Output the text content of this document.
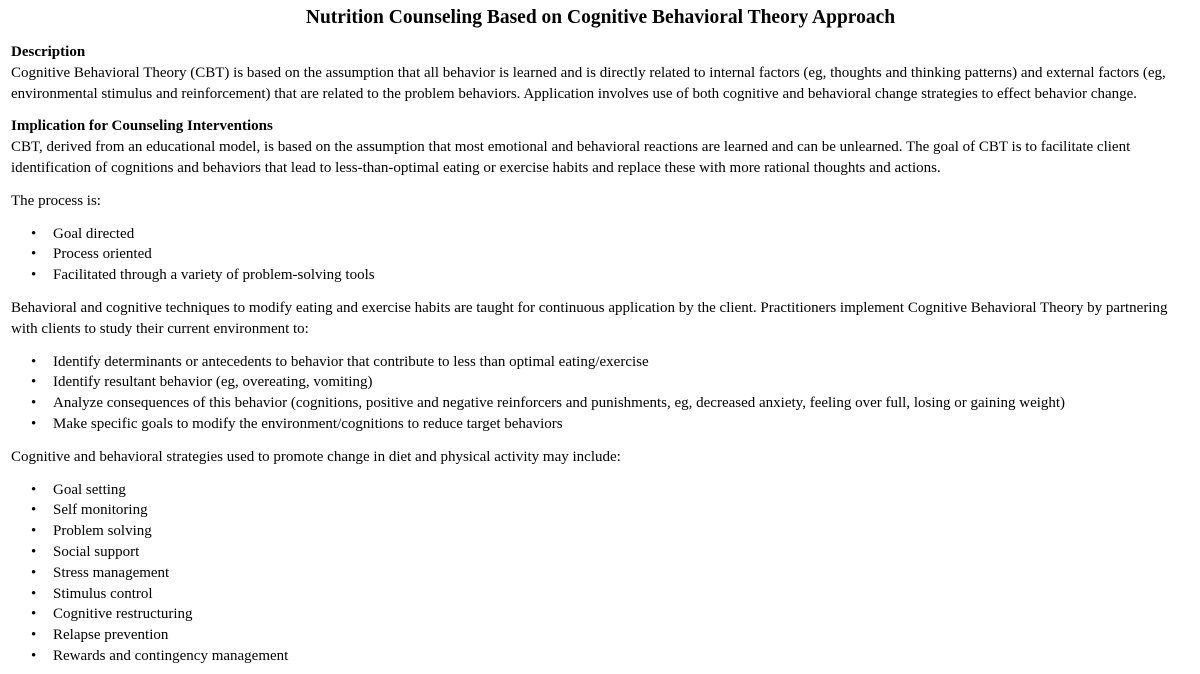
Nutrition Counseling Based on Cognitive Behavioral Theory Approach

Description

Cognitive Behavioral Theory (CBT) is based on the assumption that all behavior is learned and is directly related to internal factors (eg, thoughts and thinking patterns) and external factors (eg, environmental stimulus and reinforcement) that are related to the problem behaviors. Application involves use of both cognitive and behavioral change strategies to effect behavior change.

Implication for Counseling Interventions

CBT, derived from an educational model, is based on the assumption that most emotional and behavioral reactions are learned and can be unlearned. The goal of CBT is to facilitate client identification of cognitions and behaviors that lead to less-than-optimal eating or exercise habits and replace these with more rational thoughts and actions.

The process is:

• Goal directed
• Process oriented
• Facilitated through a variety of problem-solving tools

Behavioral and cognitive techniques to modify eating and exercise habits are taught for continuous application by the client. Practitioners implement Cognitive Behavioral Theory by partnering with clients to study their current environment to:

• Identify determinants or antecedents to behavior that contribute to less than optimal eating/exercise
• Identify resultant behavior (eg, overeating, vomiting)
• Analyze consequences of this behavior (cognitions, positive and negative reinforcers and punishments, eg, decreased anxiety, feeling over full, losing or gaining weight)
• Make specific goals to modify the environment/cognitions to reduce target behaviors

Cognitive and behavioral strategies used to promote change in diet and physical activity may include:

• Goal setting
• Self monitoring
• Problem solving
• Social support
• Stress management
• Stimulus control
• Cognitive restructuring
• Relapse prevention
• Rewards and contingency management
